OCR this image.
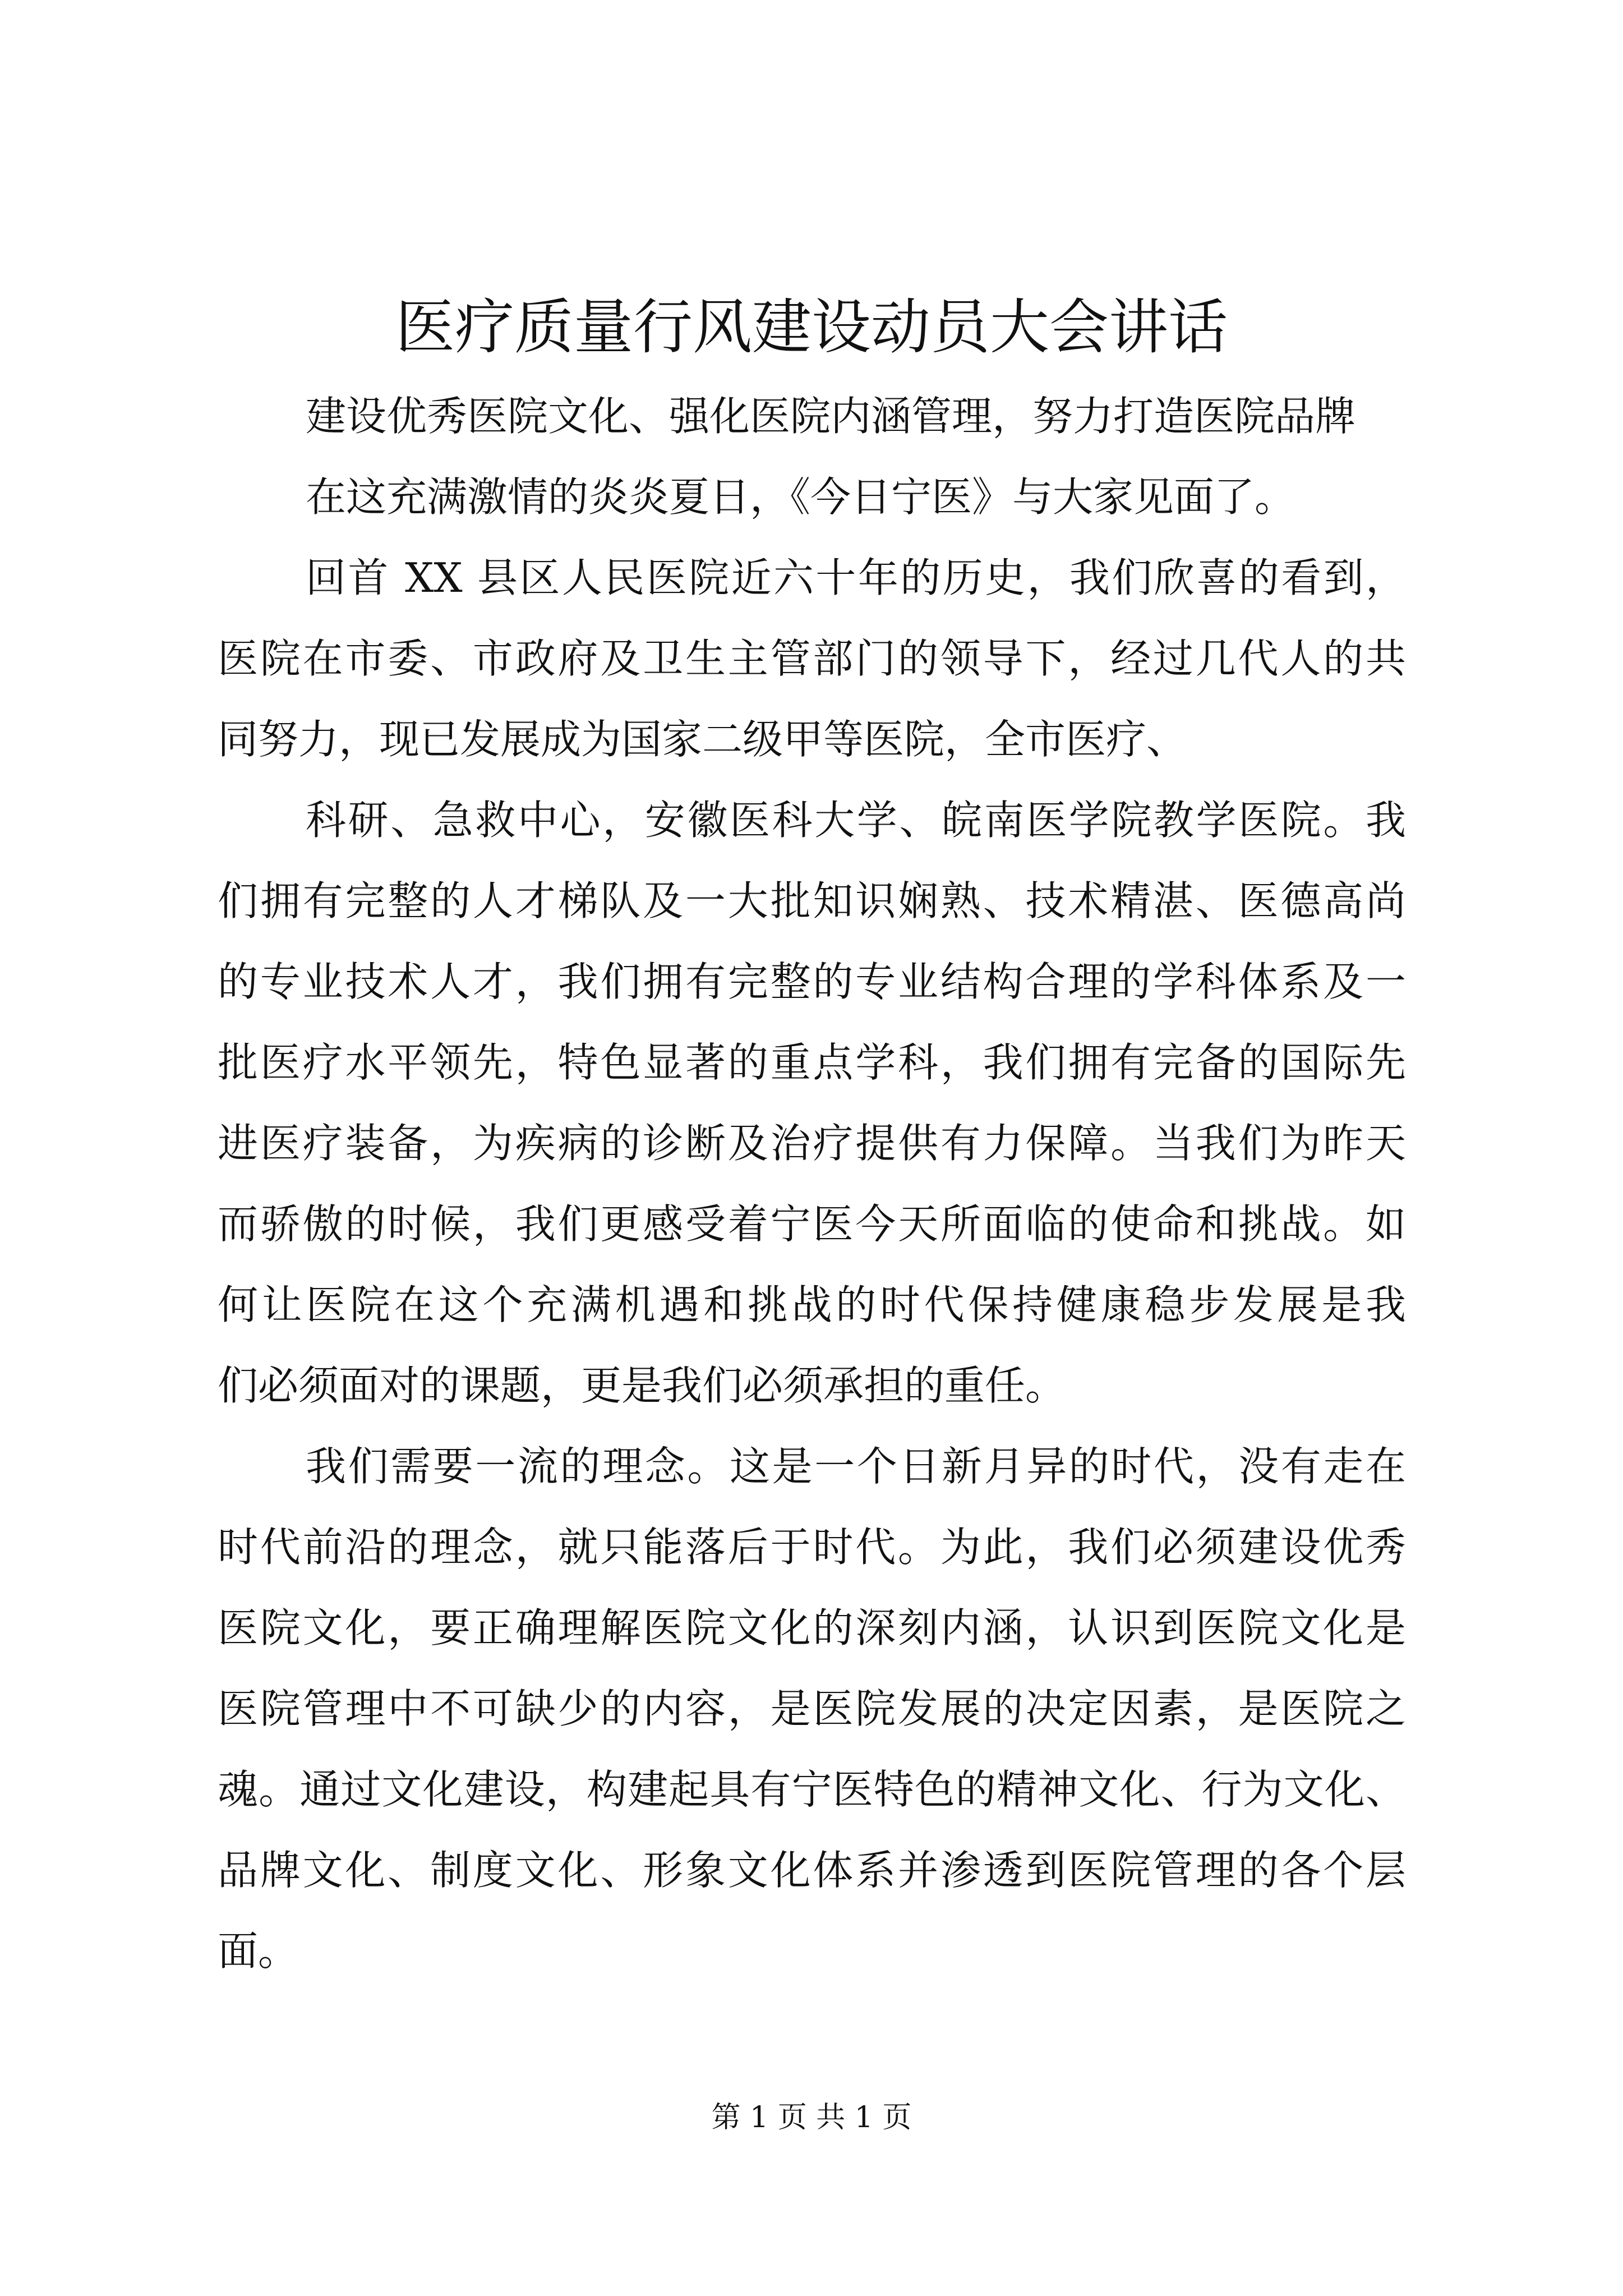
医疗质量行风建设动员大会讲话
建设优秀医院文化、强化医院内涵管理，努力打造医院品牌
在这充满激情的炎炎夏日，《今日宁医》与大家见面了。
回首 XX 县区人民医院近六十年的历史，我们欣喜的看到，
医院在市委、市政府及卫生主管部门的领导下，经过几代人的共
同努力，现已发展成为国家二级甲等医院，全市医疗、
科研、急救中心，安徽医科大学、皖南医学院教学医院。我
们拥有完整的人才梯队及一大批知识娴熟、技术精湛、医德高尚
的专业技术人才，我们拥有完整的专业结构合理的学科体系及一
批医疗水平领先，特色显著的重点学科，我们拥有完备的国际先
进医疗装备，为疾病的诊断及治疗提供有力保障。当我们为昨天
而骄傲的时候，我们更感受着宁医今天所面临的使命和挑战。如
何让医院在这个充满机遇和挑战的时代保持健康稳步发展是我
们必须面对的课题，更是我们必须承担的重任。
我们需要一流的理念。这是一个日新月异的时代，没有走在
时代前沿的理念，就只能落后于时代。为此，我们必须建设优秀
医院文化，要正确理解医院文化的深刻内涵，认识到医院文化是
医院管理中不可缺少的内容，是医院发展的决定因素，是医院之
魂。通过文化建设，构建起具有宁医特色的精神文化、行为文化、
品牌文化、制度文化、形象文化体系并渗透到医院管理的各个层
面。
第 1 页 共 1 页
